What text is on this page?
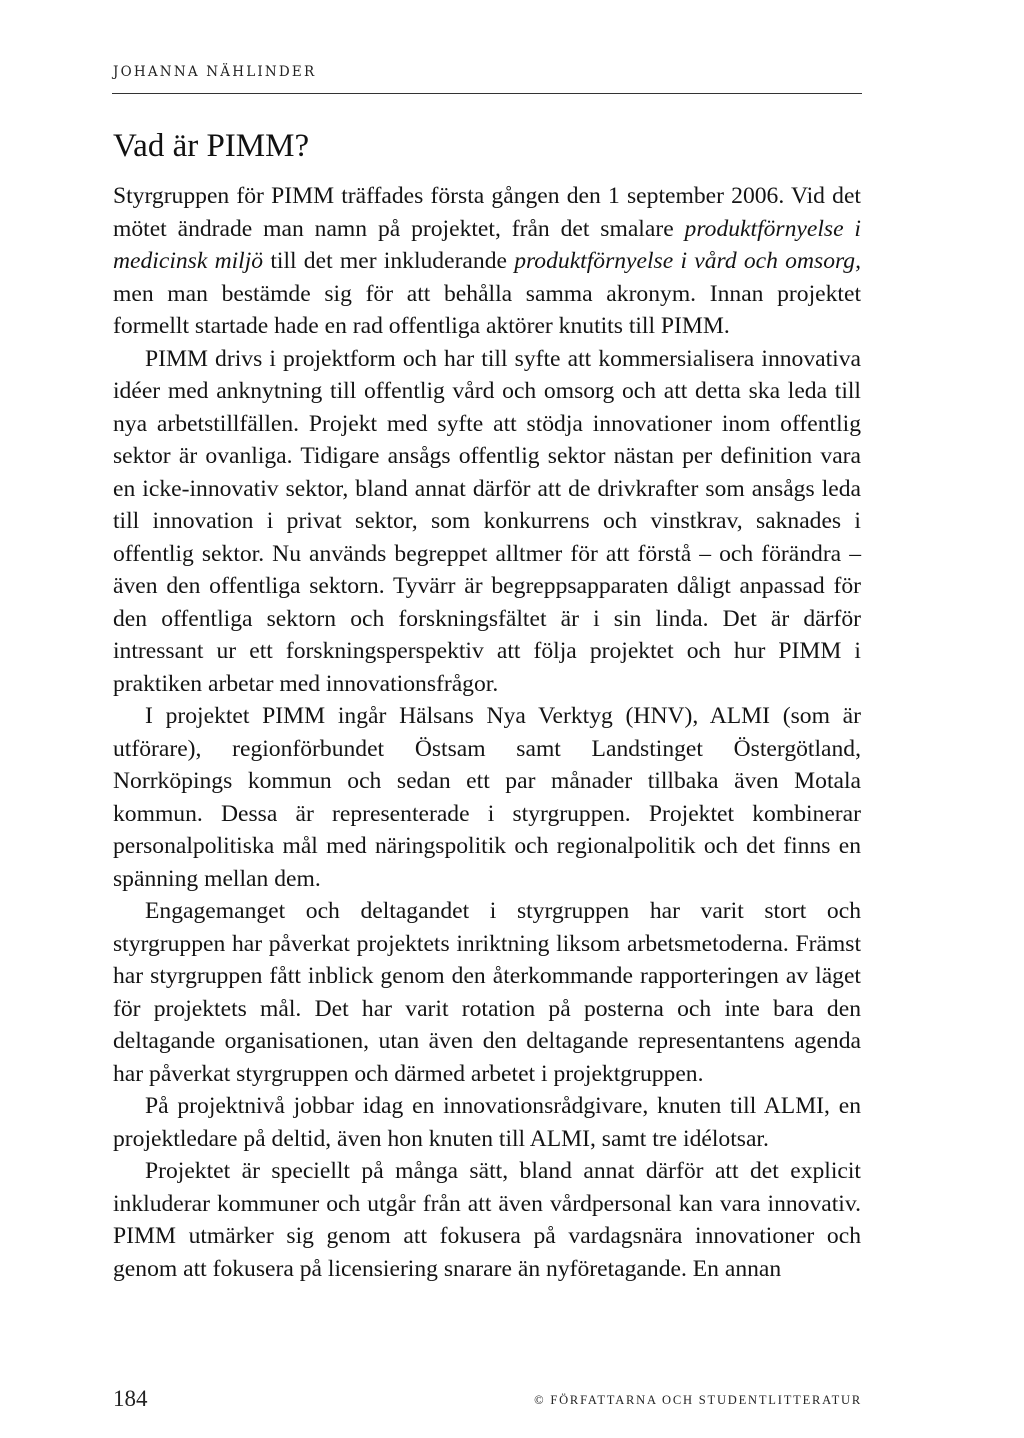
JOHANNA NÄHLINDER
Vad är PIMM?

Styrgruppen för PIMM träffades första gången den 1 september 2006. Vid det mötet ändrade man namn på projektet, från det smalare produktförnyelse i medicinsk miljö till det mer inkluderande produktförnyelse i vård och omsorg, men man bestämde sig för att behålla samma akronym. Innan projektet formellt startade hade en rad offentliga aktörer knutits till PIMM.

PIMM drivs i projektform och har till syfte att kommersialisera innovativa idéer med anknytning till offentlig vård och omsorg och att detta ska leda till nya arbetstillfällen. Projekt med syfte att stödja innovationer inom offentlig sektor är ovanliga. Tidigare ansågs offentlig sektor nästan per definition vara en icke-innovativ sektor, bland annat därför att de drivkrafter som ansågs leda till innovation i privat sektor, som konkurrens och vinstkrav, saknades i offentlig sektor. Nu används begreppet alltmer för att förstå – och förändra – även den offentliga sektorn. Tyvärr är begreppsapparaten dåligt anpassad för den offentliga sektorn och forskningsfältet är i sin linda. Det är därför intressant ur ett forskningsperspektiv att följa projektet och hur PIMM i praktiken arbetar med innovationsfrågor.

I projektet PIMM ingår Hälsans Nya Verktyg (HNV), ALMI (som är utförare), regionförbundet Östsam samt Landstinget Östergötland, Norrköpings kommun och sedan ett par månader tillbaka även Motala kommun. Dessa är representerade i styrgruppen. Projektet kombinerar personalpolitiska mål med näringspolitik och regionalpolitik och det finns en spänning mellan dem.

Engagemanget och deltagandet i styrgruppen har varit stort och styrgruppen har påverkat projektets inriktning liksom arbetsmetoderna. Främst har styrgruppen fått inblick genom den återkommande rapporteringen av läget för projektets mål. Det har varit rotation på posterna och inte bara den deltagande organisationen, utan även den deltagande representantens agenda har påverkat styrgruppen och därmed arbetet i projektgruppen.

På projektnivå jobbar idag en innovationsrådgivare, knuten till ALMI, en projektledare på deltid, även hon knuten till ALMI, samt tre idélotsar.

Projektet är speciellt på många sätt, bland annat därför att det explicit inkluderar kommuner och utgår från att även vårdpersonal kan vara innovativ. PIMM utmärker sig genom att fokusera på vardagsnära innovationer och genom att fokusera på licensiering snarare än nyföretagande. En annan

184	© FÖRFATTARNA OCH STUDENTLITTERATUR
